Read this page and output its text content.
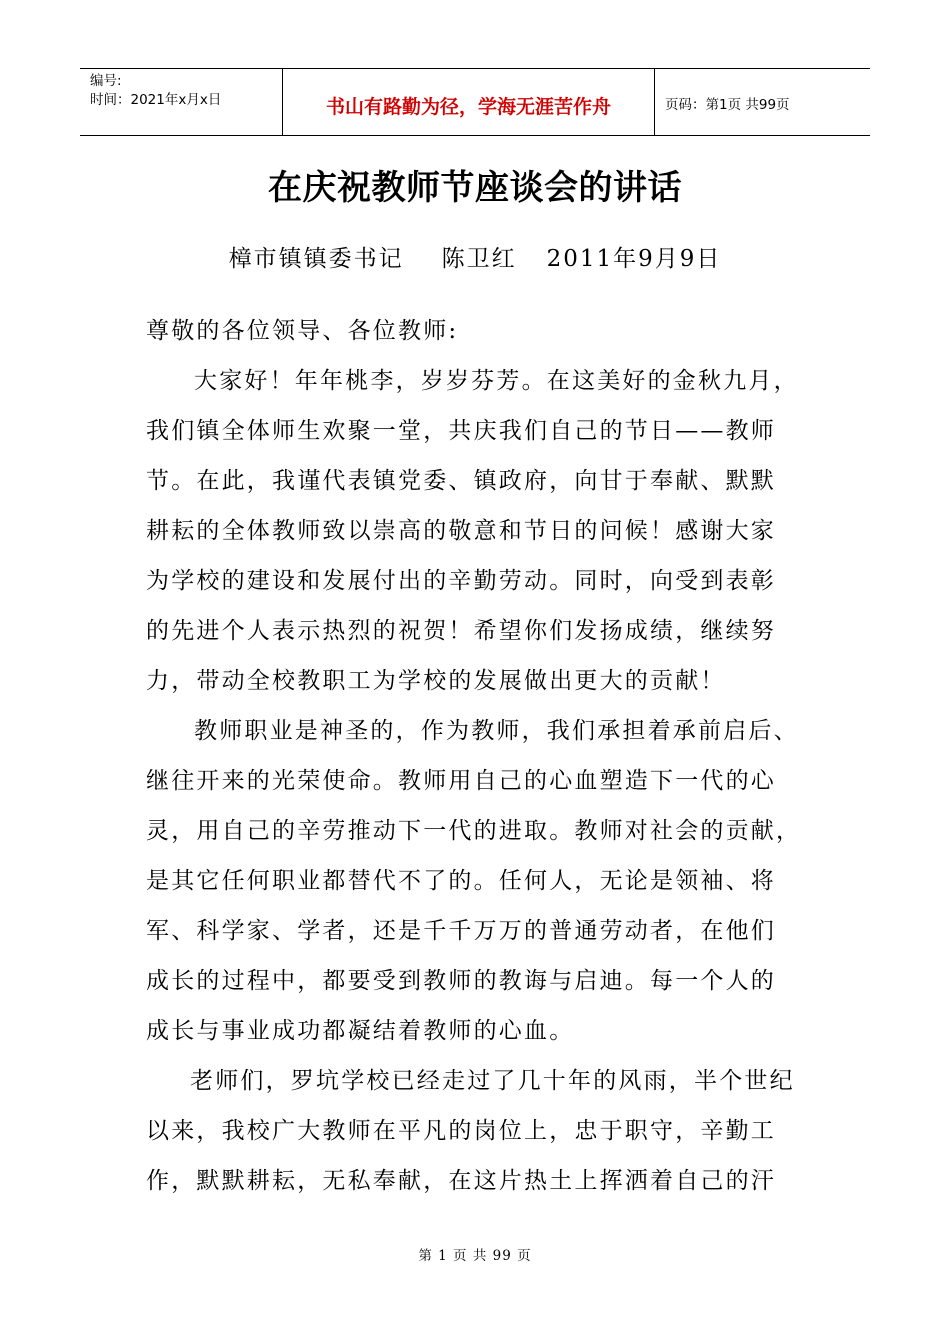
编号:
时间：2021年x月x日	书山有路勤为径，学海无涯苦作舟	页码：第1页 共99页
在庆祝教师节座谈会的讲话
樟市镇镇委书记 陈卫红 2011年9月9日
尊敬的各位领导、各位教师:
大家好！年年桃李，岁岁芬芳。在这美好的金秋九月，
我们镇全体师生欢聚一堂，共庆我们自己的节日——教师
节。在此，我谨代表镇党委、镇政府，向甘于奉献、默默
耕耘的全体教师致以崇高的敬意和节日的问候！感谢大家
为学校的建设和发展付出的辛勤劳动。同时，向受到表彰
的先进个人表示热烈的祝贺！希望你们发扬成绩，继续努
力，带动全校教职工为学校的发展做出更大的贡献！
教师职业是神圣的，作为教师，我们承担着承前启后、
继往开来的光荣使命。教师用自己的心血塑造下一代的心
灵，用自己的辛劳推动下一代的进取。教师对社会的贡献，
是其它任何职业都替代不了的。任何人，无论是领袖、将
军、科学家、学者，还是千千万万的普通劳动者，在他们
成长的过程中，都要受到教师的教诲与启迪。每一个人的
成长与事业成功都凝结着教师的心血。
老师们，罗坑学校已经走过了几十年的风雨，半个世纪
以来，我校广大教师在平凡的岗位上，忠于职守，辛勤工
作，默默耕耘，无私奉献，在这片热土上挥洒着自己的汗
第 1 页 共 99 页
